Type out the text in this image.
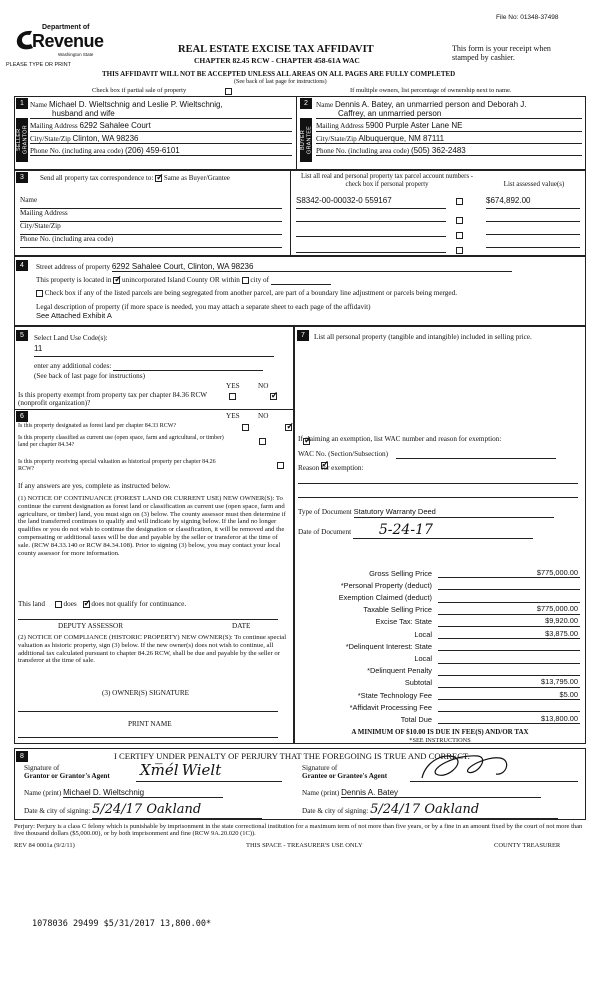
File No: 01348-37498
Department of
Revenue
Washington State
PLEASE TYPE OR PRINT
REAL ESTATE EXCISE TAX AFFIDAVIT
CHAPTER 82.45 RCW - CHAPTER 458-61A WAC
This form is your receipt when stamped by cashier.
THIS AFFIDAVIT WILL NOT BE ACCEPTED UNLESS ALL AREAS ON ALL PAGES ARE FULLY COMPLETED
(See back of last page for instructions)
Check box if partial sale of property	If multiple owners, list percentage of ownership next to name.
1
SELLER GRANTOR
Name Michael D. Wieltschnig and Leslie P. Wieltschnig,
husband and wife
Mailing Address 6292 Sahalee Court
City/State/Zip Clinton, WA 98236
Phone No. (including area code) (206) 459-6101
2
BUYER GRANTEE
Name Dennis A. Batey, an unmarried person and Deborah J.
Caffrey, an unmarried person
Mailing Address 5900 Purple Aster Lane NE
City/State/Zip Albuquerque, NM 87111
Phone No. (including area code) (505) 362-2483
3	Send all property tax correspondence to: ✓ Same as Buyer/Grantee
Name
Mailing Address
City/State/Zip
Phone No. (including area code)
List all real and personal property tax parcel account numbers - check box if personal property	List assessed value(s)
S8342-00-00032-0 559167	$674,892.00
4	Street address of property 6292 Sahalee Court, Clinton, WA 98236
This property is located in ✓ unincorporated Island County OR within city of
Check box if any of the listed parcels are being segregated from another parcel, are part of a boundary line adjustment or parcels being merged.
Legal description of property (if more space is needed, you may attach a separate sheet to each page of the affidavit)
See Attached Exhibit A
5	Select Land Use Code(s):
11
enter any additional codes:
(See back of last page for instructions)
YES	NO
Is this property exempt from property tax per chapter 84.36 RCW (nonprofit organization)?
✓
6	YES	NO
Is this property designated as forest land per chapter 84.33 RCW?
✓
Is this property classified as current use (open space, farm and agricultural, or timber) land per chapter 84.34?
✓
Is this property receiving special valuation as historical property per chapter 84.26 RCW?
✓
If any answers are yes, complete as instructed below.
(1) NOTICE OF CONTINUANCE (FOREST LAND OR CURRENT USE) NEW OWNER(S): To continue the current designation as forest land or classification as current use (open space, farm and agriculture, or timber) land, you must sign on (3) below. The county assessor must then determine if the land transferred continues to qualify and will indicate by signing below. If the land no longer qualifies or you do not wish to continue the designation or classification, it will be removed and the compensating or additional taxes will be due and payable by the seller or transferor at the time of sale. (RCW 84.33.140 or RCW 84.34.108). Prior to signing (3) below, you may contact your local county assessor for more information.
This land	does ✓ does not qualify for continuance.
DEPUTY ASSESSOR	DATE
(2) NOTICE OF COMPLIANCE (HISTORIC PROPERTY) NEW OWNER(S): To continue special valuation as historic property, sign (3) below. If the new owner(s) does not wish to continue, all additional tax calculated pursuant to chapter 84.26 RCW, shall be due and payable by the seller or transferor at the time of sale.
(3) OWNER(S) SIGNATURE
PRINT NAME
7	List all personal property (tangible and intangible) included in selling price.
If claiming an exemption, list WAC number and reason for exemption:
WAC No. (Section/Subsection)
Reason for exemption:
Type of Document Statutory Warranty Deed
Date of Document 5-24-17
Gross Selling Price	$775,000.00
*Personal Property (deduct)
Exemption Claimed (deduct)
Taxable Selling Price	$775,000.00
Excise Tax: State	$9,920.00
Local	$3,875.00
*Delinquent Interest: State
Local
*Delinquent Penalty
Subtotal	$13,795.00
*State Technology Fee	$5.00
*Affidavit Processing Fee
Total Due	$13,800.00
A MINIMUM OF $10.00 IS DUE IN FEE(S) AND/OR TAX
*SEE INSTRUCTIONS
8	I CERTIFY UNDER PENALTY OF PERJURY THAT THE FOREGOING IS TRUE AND CORRECT.
Signature of
Grantor or Grantor's Agent Xm̅él  Wielt
Name (print) Michael D. Wieltschnig
Date & city of signing: 5/24/17 Oakland
Signature of
Grantee or Grantee's Agent
Name (print) Dennis A. Batey
Date & city of signing: 5/24/17 Oakland
Perjury: Perjury is a class C felony which is punishable by imprisonment in the state correctional institution for a maximum term of not more than five years, or by a fine in an amount fixed by the court of not more than five thousand dollars ($5,000.00), or by both imprisonment and fine (RCW 9A.20.020 (1C)).
REV 84 0001a (9/2/11)	THIS SPACE - TREASURER'S USE ONLY	COUNTY TREASURER
1078036 29499 $5/31/2017 13,800.00*
